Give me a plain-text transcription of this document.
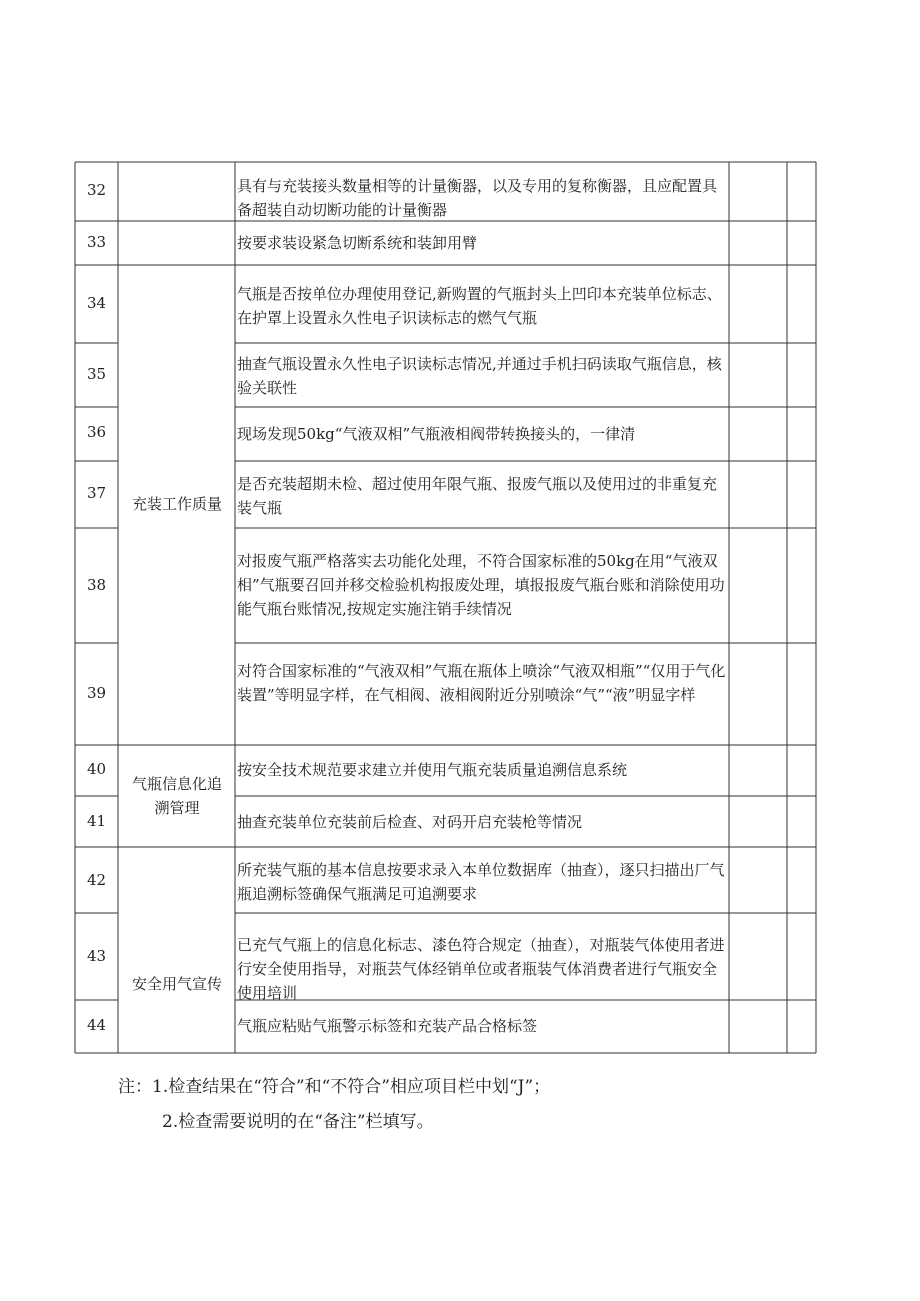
32
33
34
35
36
37
38
39
40
41
42
43
44
充装工作质量
气瓶信息化追溯管理
安全用气宣传
具有与充装接头数量相等的计量衡器，以及专用的复称衡器，且应配置具备超装自动切断功能的计量衡器
按要求装设紧急切断系统和装卸用臂
气瓶是否按单位办理使用登记,新购置的气瓶封头上凹印本充装单位标志、在护罩上设置永久性电子识读标志的燃气气瓶
抽查气瓶设置永久性电子识读标志情况,并通过手机扫码读取气瓶信息，核验关联性
现场发现50kg“气液双相”气瓶液相阀带转换接头的，一律清
是否充装超期未检、超过使用年限气瓶、报废气瓶以及使用过的非重复充装气瓶
对报废气瓶严格落实去功能化处理，不符合国家标准的50kg在用“气液双相”气瓶要召回并移交检验机构报废处理，填报报废气瓶台账和消除使用功能气瓶台账情况,按规定实施注销手续情况
对符合国家标准的“气液双相”气瓶在瓶体上喷涂“气液双相瓶”“仅用于气化装置”等明显字样，在气相阀、液相阀附近分别喷涂“气”“液”明显字样
按安全技术规范要求建立并使用气瓶充装质量追溯信息系统
抽查充装单位充装前后检查、对码开启充装枪等情况
所充装气瓶的基本信息按要求录入本单位数据库（抽查），逐只扫描出厂气瓶追溯标签确保气瓶满足可追溯要求
已充气气瓶上的信息化标志、漆色符合规定（抽查），对瓶装气体使用者进行安全使用指导，对瓶芸气体经销单位或者瓶装气体消费者进行气瓶安全使用培训
气瓶应粘贴气瓶警示标签和充装产品合格标签
注：1.检查结果在“符合”和“不符合”相应项目栏中划“J”；
2.检查需要说明的在“备注”栏填写。
